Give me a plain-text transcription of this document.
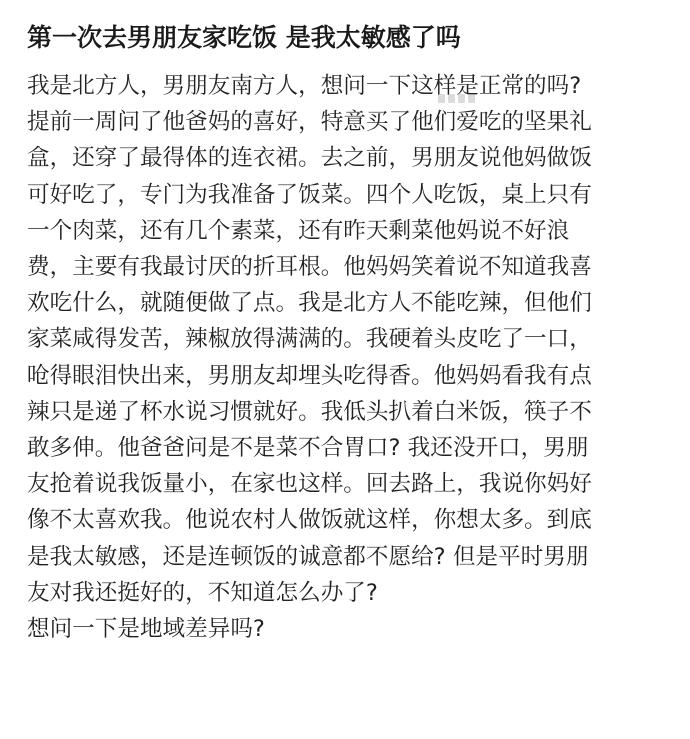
第一次去男朋友家吃饭 是我太敏感了吗

我是北方人，男朋友南方人，想问一下这样是正常的吗?
提前一周问了他爸妈的喜好，特意买了他们爱吃的坚果礼
盒，还穿了最得体的连衣裙。去之前，男朋友说他妈做饭
可好吃了，专门为我准备了饭菜。四个人吃饭，桌上只有
一个肉菜，还有几个素菜，还有昨天剩菜他妈说不好浪
费，主要有我最讨厌的折耳根。他妈妈笑着说不知道我喜
欢吃什么，就随便做了点。我是北方人不能吃辣，但他们
家菜咸得发苦，辣椒放得满满的。我硬着头皮吃了一口，
呛得眼泪快出来，男朋友却埋头吃得香。他妈妈看我有点
辣只是递了杯水说习惯就好。我低头扒着白米饭，筷子不
敢多伸。他爸爸问是不是菜不合胃口? 我还没开口，男朋
友抢着说我饭量小，在家也这样。回去路上，我说你妈好
像不太喜欢我。他说农村人做饭就这样，你想太多。到底
是我太敏感，还是连顿饭的诚意都不愿给? 但是平时男朋
友对我还挺好的，不知道怎么办了?
想问一下是地域差异吗?
